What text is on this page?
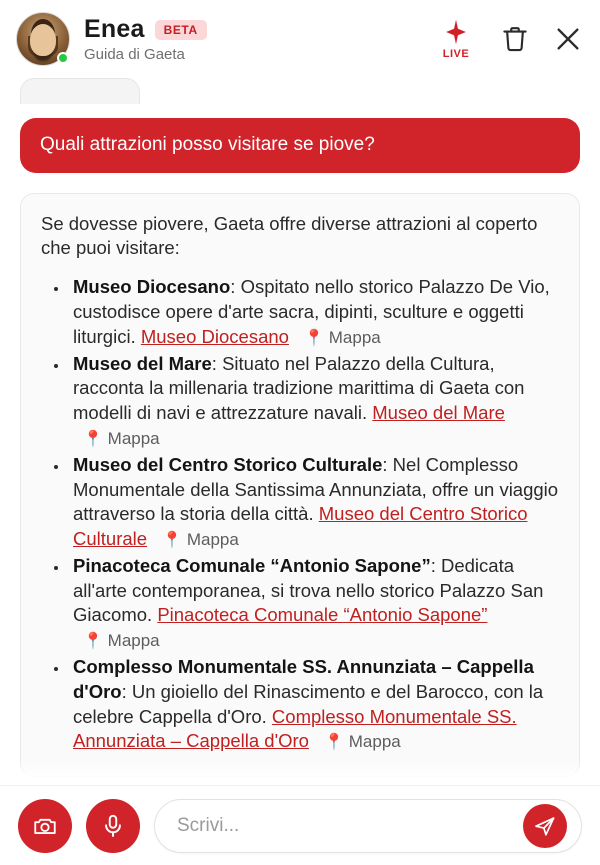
Enea	BETA
Guida di Gaeta	LIVE
Quali attrazioni posso visitare se piove?

Se dovesse piovere, Gaeta offre diverse attrazioni al coperto che puoi visitare:

• Museo Diocesano: Ospitato nello storico Palazzo De Vio, custodisce opere d'arte sacra, dipinti, sculture e oggetti liturgici. Museo Diocesano 📍 Mappa
• Museo del Mare: Situato nel Palazzo della Cultura, racconta la millenaria tradizione marittima di Gaeta con modelli di navi e attrezzature navali. Museo del Mare 📍 Mappa
• Museo del Centro Storico Culturale: Nel Complesso Monumentale della Santissima Annunziata, offre un viaggio attraverso la storia della città. Museo del Centro Storico Culturale 📍 Mappa
• Pinacoteca Comunale “Antonio Sapone”: Dedicata all'arte contemporanea, si trova nello storico Palazzo San Giacomo. Pinacoteca Comunale “Antonio Sapone” 📍 Mappa
• Complesso Monumentale SS. Annunziata – Cappella d'Oro: Un gioiello del Rinascimento e del Barocco, con la celebre Cappella d'Oro. Complesso Monumentale SS. Annunziata – Cappella d'Oro 📍 Mappa
Scrivi...
